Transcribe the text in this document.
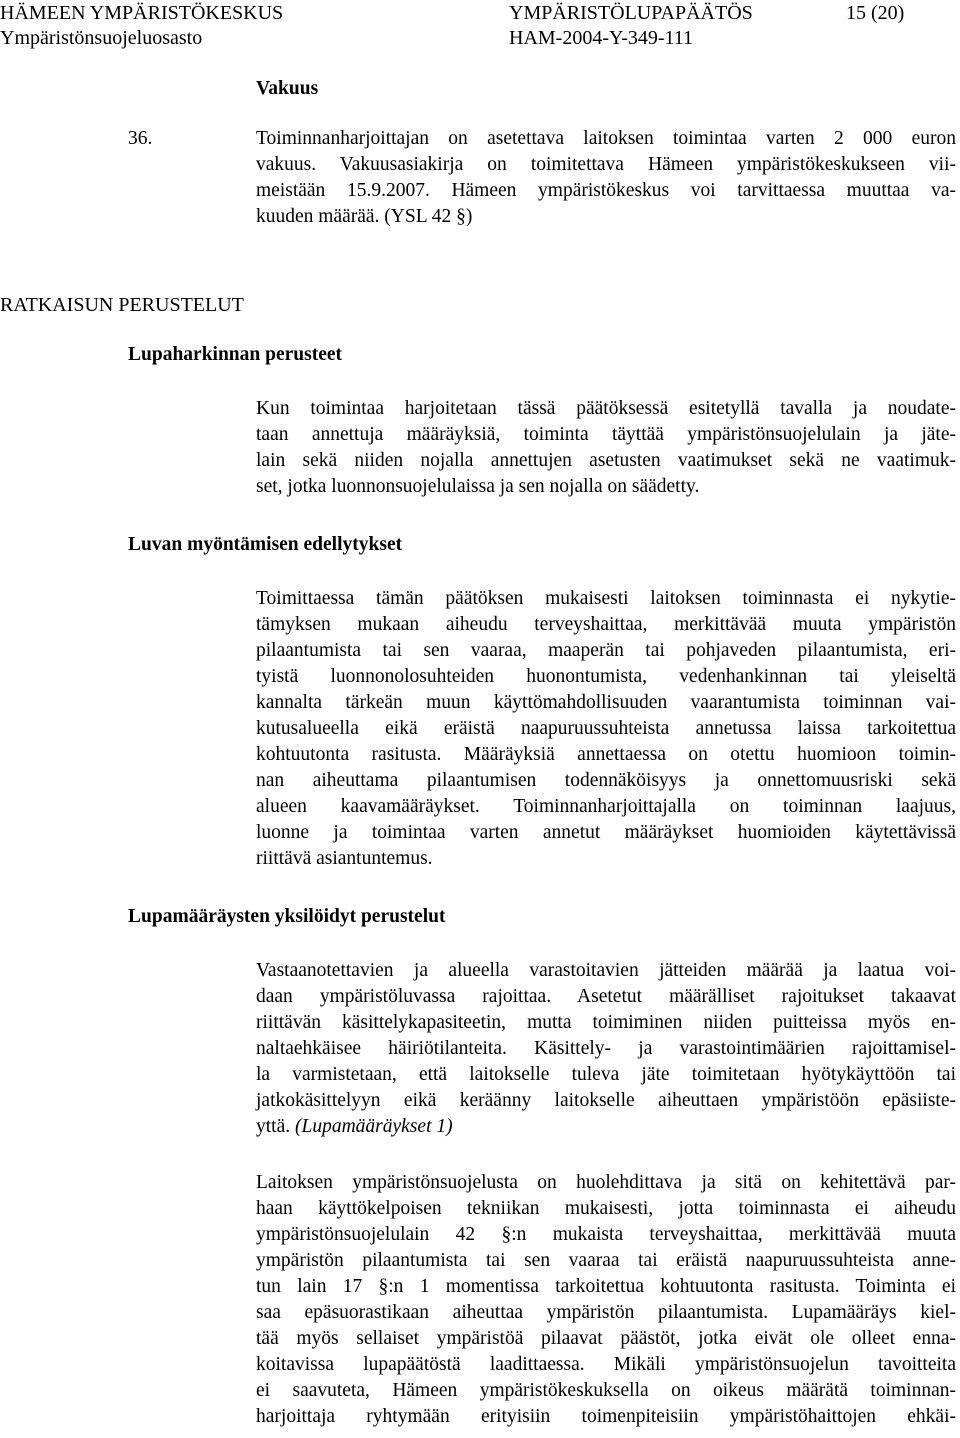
HÄMEEN YMPÄRISTÖKESKUS	YMPÄRISTÖLUPAPÄÄTÖS	15 (20)
Ympäristönsuojeluosasto	HAM-2004-Y-349-111
Vakuus
36.	Toiminnanharjoittajan on asetettava laitoksen toimintaa varten 2 000 euron
vakuus. Vakuusasiakirja on toimitettava Hämeen ympäristökeskukseen vii-
meistään 15.9.2007. Hämeen ympäristökeskus voi tarvittaessa muuttaa va-
kuuden määrää. (YSL 42 §)
RATKAISUN PERUSTELUT
Lupaharkinnan perusteet
Kun toimintaa harjoitetaan tässä päätöksessä esitetyllä tavalla ja noudate-
taan annettuja määräyksiä, toiminta täyttää ympäristönsuojelulain ja jäte-
lain sekä niiden nojalla annettujen asetusten vaatimukset sekä ne vaatimuk-
set, jotka luonnonsuojelulaissa ja sen nojalla on säädetty.
Luvan myöntämisen edellytykset
Toimittaessa tämän päätöksen mukaisesti laitoksen toiminnasta ei nykytie-
tämyksen mukaan aiheudu terveyshaittaa, merkittävää muuta ympäristön
pilaantumista tai sen vaaraa, maaperän tai pohjaveden pilaantumista, eri-
tyistä luonnonolosuhteiden huonontumista, vedenhankinnan tai yleiseltä
kannalta tärkeän muun käyttömahdollisuuden vaarantumista toiminnan vai-
kutusalueella eikä eräistä naapuruussuhteista annetussa laissa tarkoitettua
kohtuutonta rasitusta. Määräyksiä annettaessa on otettu huomioon toimin-
nan aiheuttama pilaantumisen todennäköisyys ja onnettomuusriski sekä
alueen kaavamääräykset. Toiminnanharjoittajalla on toiminnan laajuus,
luonne ja toimintaa varten annetut määräykset huomioiden käytettävissä
riittävä asiantuntemus.
Lupamääräysten yksilöidyt perustelut
Vastaanotettavien ja alueella varastoitavien jätteiden määrää ja laatua voi-
daan ympäristöluvassa rajoittaa. Asetetut määrälliset rajoitukset takaavat
riittävän käsittelykapasiteetin, mutta toimiminen niiden puitteissa myös en-
naltaehkäisee häiriötilanteita. Käsittely- ja varastointimäärien rajoittamisel-
la varmistetaan, että laitokselle tuleva jäte toimitetaan hyötykäyttöön tai
jatkokäsittelyyn eikä keräänny laitokselle aiheuttaen ympäristöön epäsiiste-
yttä. (Lupamääräykset 1)
Laitoksen ympäristönsuojelusta on huolehdittava ja sitä on kehitettävä par-
haan käyttökelpoisen tekniikan mukaisesti, jotta toiminnasta ei aiheudu
ympäristönsuojelulain 42 §:n mukaista terveyshaittaa, merkittävää muuta
ympäristön pilaantumista tai sen vaaraa tai eräistä naapuruussuhteista anne-
tun lain 17 §:n 1 momentissa tarkoitettua kohtuutonta rasitusta. Toiminta ei
saa epäsuorastikaan aiheuttaa ympäristön pilaantumista. Lupamääräys kiel-
tää myös sellaiset ympäristöä pilaavat päästöt, jotka eivät ole olleet enna-
koitavissa lupapäätöstä laadittaessa. Mikäli ympäristönsuojelun tavoitteita
ei saavuteta, Hämeen ympäristökeskuksella on oikeus määrätä toiminnan-
harjoittaja ryhtymään erityisiin toimenpiteisiin ympäristöhaittojen ehkäi-
